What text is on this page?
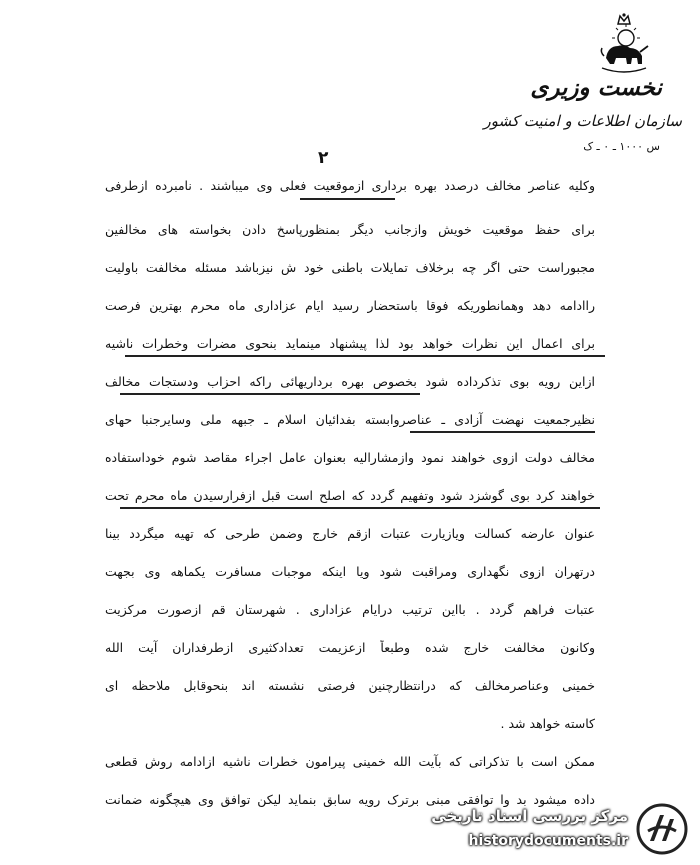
نخست وزیری
سازمان اطلاعات و امنیت کشور
س ۱۰۰۰ ـ ۰ ـ ک
۲
وکلیه عناصر مخالف درصدد بهره برداری ازموقعیت فعلی وی میباشند . نامبرده ازطرفی
برای حفظ موقعیت خویش وازجانب دیگر بمنظورپاسخ دادن بخواسته های مخالفین
مجبوراست حتی اگر چه برخلاف تمایلات باطنی خود ش نیزباشد مسئله مخالفت باولیت
راادامه دهد وهمانطوریکه فوقا باستحضار رسید ایام عزاداری ماه محرم بهترین فرصت
برای اعمال این نظرات خواهد بود لذا پیشنهاد مینماید بنحوی مضرات وخطرات ناشیه
ازاین رویه بوی تذکرداده شود بخصوص بهره برداریهائی راکه احزاب ودستجات مخالف
نظیرجمعیت نهضت آزادی ـ عناصروابسته بفدائیان اسلام ـ جبهه ملی وسایرجنبا حهای
مخالف دولت ازوی خواهند نمود وازمشارالیه بعنوان عامل اجراء مقاصد شوم خوداستفاده
خواهند کرد بوی گوشزد شود وتفهیم گردد که اصلح است قبل ازفرارسیدن ماه محرم تحت
عنوان عارضه کسالت ویازیارت عتبات ازقم خارج وضمن طرحی که تهیه میگردد بینا
درتهران ازوی نگهداری ومراقبت شود ویا اینکه موجبات مسافرت یکماهه وی بجهت
عتبات فراهم گردد . بااین ترتیب درایام عزاداری . شهرستان قم ازصورت مرکزیت
وکانون مخالفت خارج شده وطبعاً ازعزیمت تعدادکثیری ازطرفداران آیت الله
خمینی وعناصرمخالف که درانتظارچنین فرصتی نشسته اند بنحوقابل ملاحظه ای
کاسته خواهد شد .
ممکن است با تذکراتی که بآیت الله خمینی پیرامون خطرات ناشیه ازادامه روش قطعی
داده میشود بد وا توافقی مبنی برترک رویه سابق بنماید لیکن توافق وی هیچگونه ضمانت
مرکز بررسی اسناد تاریخی
historydocuments.ir
